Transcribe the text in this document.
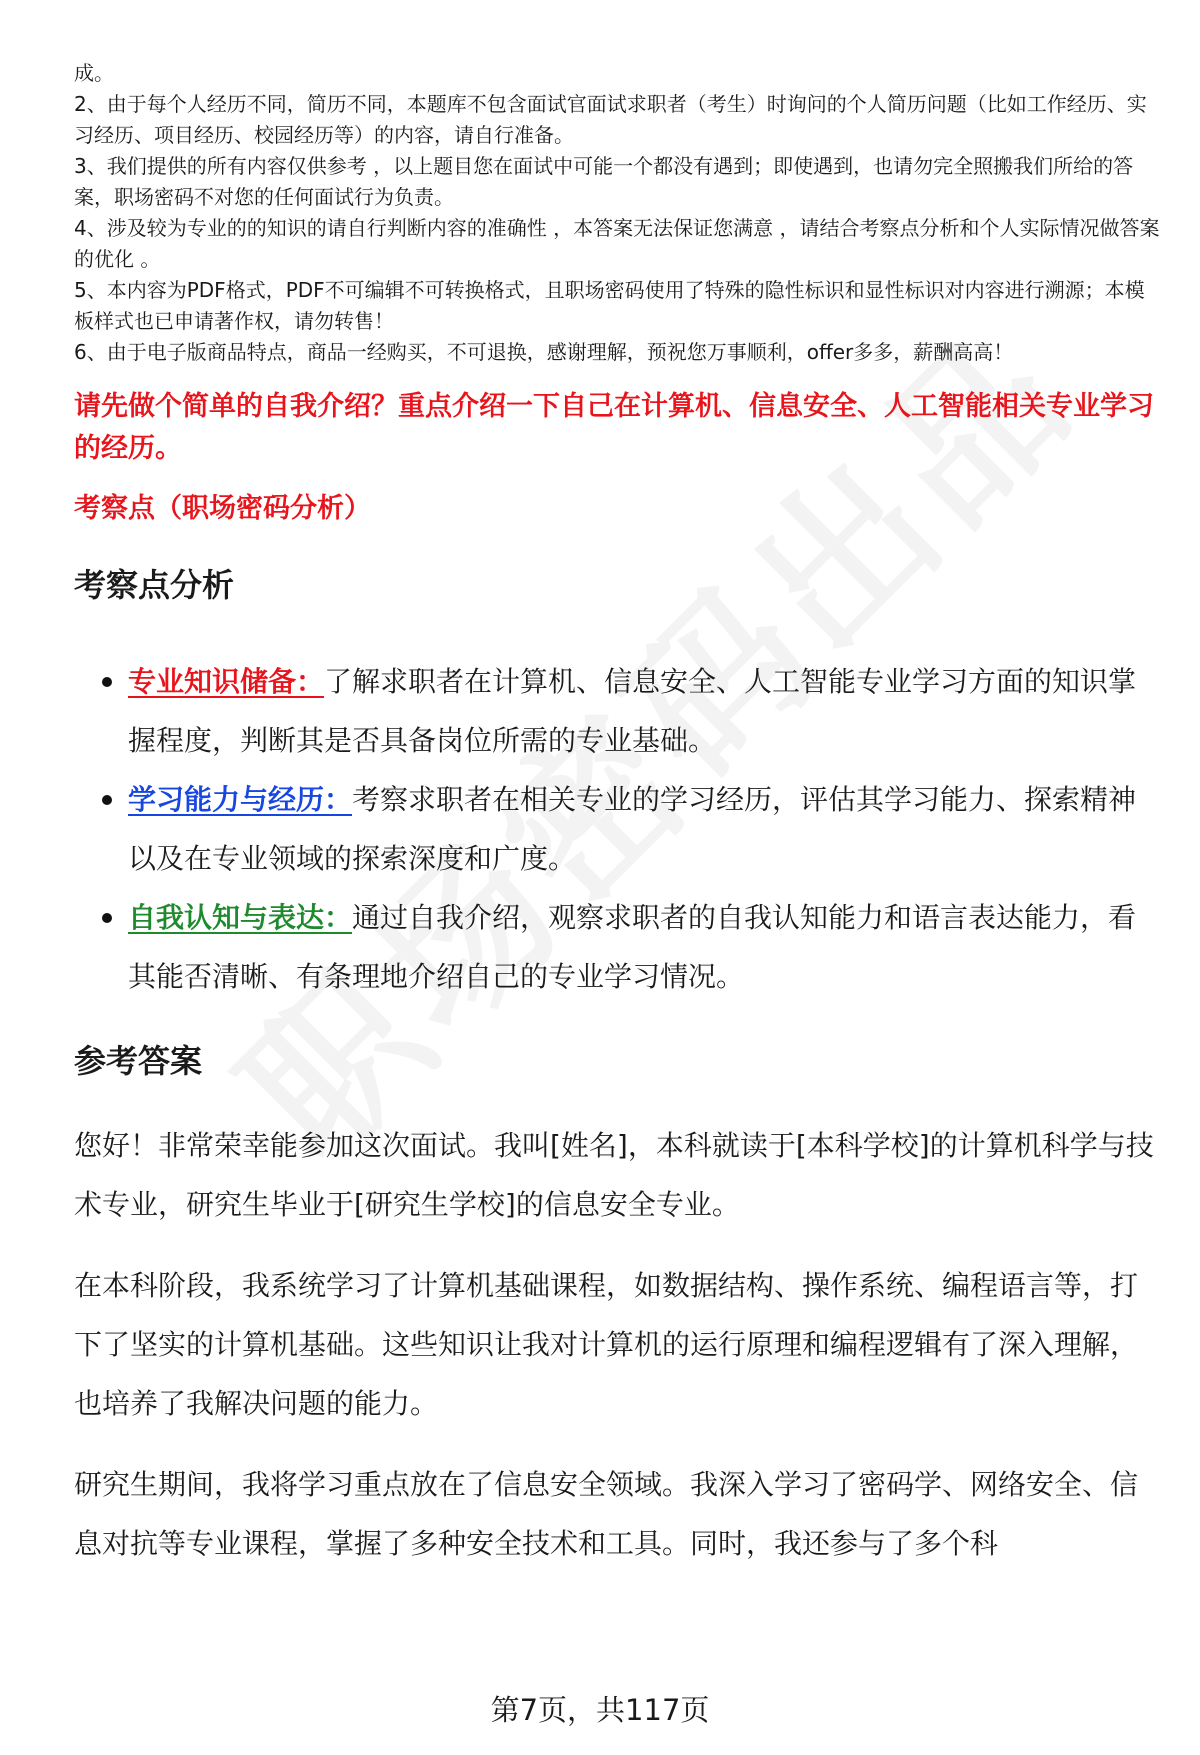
成。

2、由于每个人经历不同，简历不同，本题库不包含面试官面试求职者（考生）时询问的个人简历问题（比如工作经历、实习经历、项目经历、校园经历等）的内容，请自行准备。

3、我们提供的所有内容仅供参考 ，以上题目您在面试中可能一个都没有遇到；即使遇到，也请勿完全照搬我们所给的答案，职场密码不对您的任何面试行为负责。

4、涉及较为专业的的知识的请自行判断内容的准确性 ，本答案无法保证您满意 ，请结合考察点分析和个人实际情况做答案的优化 。

5、本内容为PDF格式，PDF不可编辑不可转换格式，且职场密码使用了特殊的隐性标识和显性标识对内容进行溯源；本模板样式也已申请著作权，请勿转售！

6、由于电子版商品特点，商品一经购买，不可退换，感谢理解，预祝您万事顺利，offer多多，薪酬高高！

请先做个简单的自我介绍？重点介绍一下自己在计算机、信息安全、人工智能相关专业学习的经历。
考察点（职场密码分析）
考察点分析
专业知识储备：了解求职者在计算机、信息安全、人工智能专业学习方面的知识掌握程度，判断其是否具备岗位所需的专业基础。
学习能力与经历：考察求职者在相关专业的学习经历，评估其学习能力、探索精神以及在专业领域的探索深度和广度。
自我认知与表达：通过自我介绍，观察求职者的自我认知能力和语言表达能力，看其能否清晰、有条理地介绍自己的专业学习情况。
参考答案

您好！非常荣幸能参加这次面试。我叫[姓名]，本科就读于[本科学校]的计算机科学与技术专业，研究生毕业于[研究生学校]的信息安全专业。

在本科阶段，我系统学习了计算机基础课程，如数据结构、操作系统、编程语言等，打下了坚实的计算机基础。这些知识让我对计算机的运行原理和编程逻辑有了深入理解，也培养了我解决问题的能力。

研究生期间，我将学习重点放在了信息安全领域。我深入学习了密码学、网络安全、信息对抗等专业课程，掌握了多种安全技术和工具。同时，我还参与了多个科

第7页，共117页
